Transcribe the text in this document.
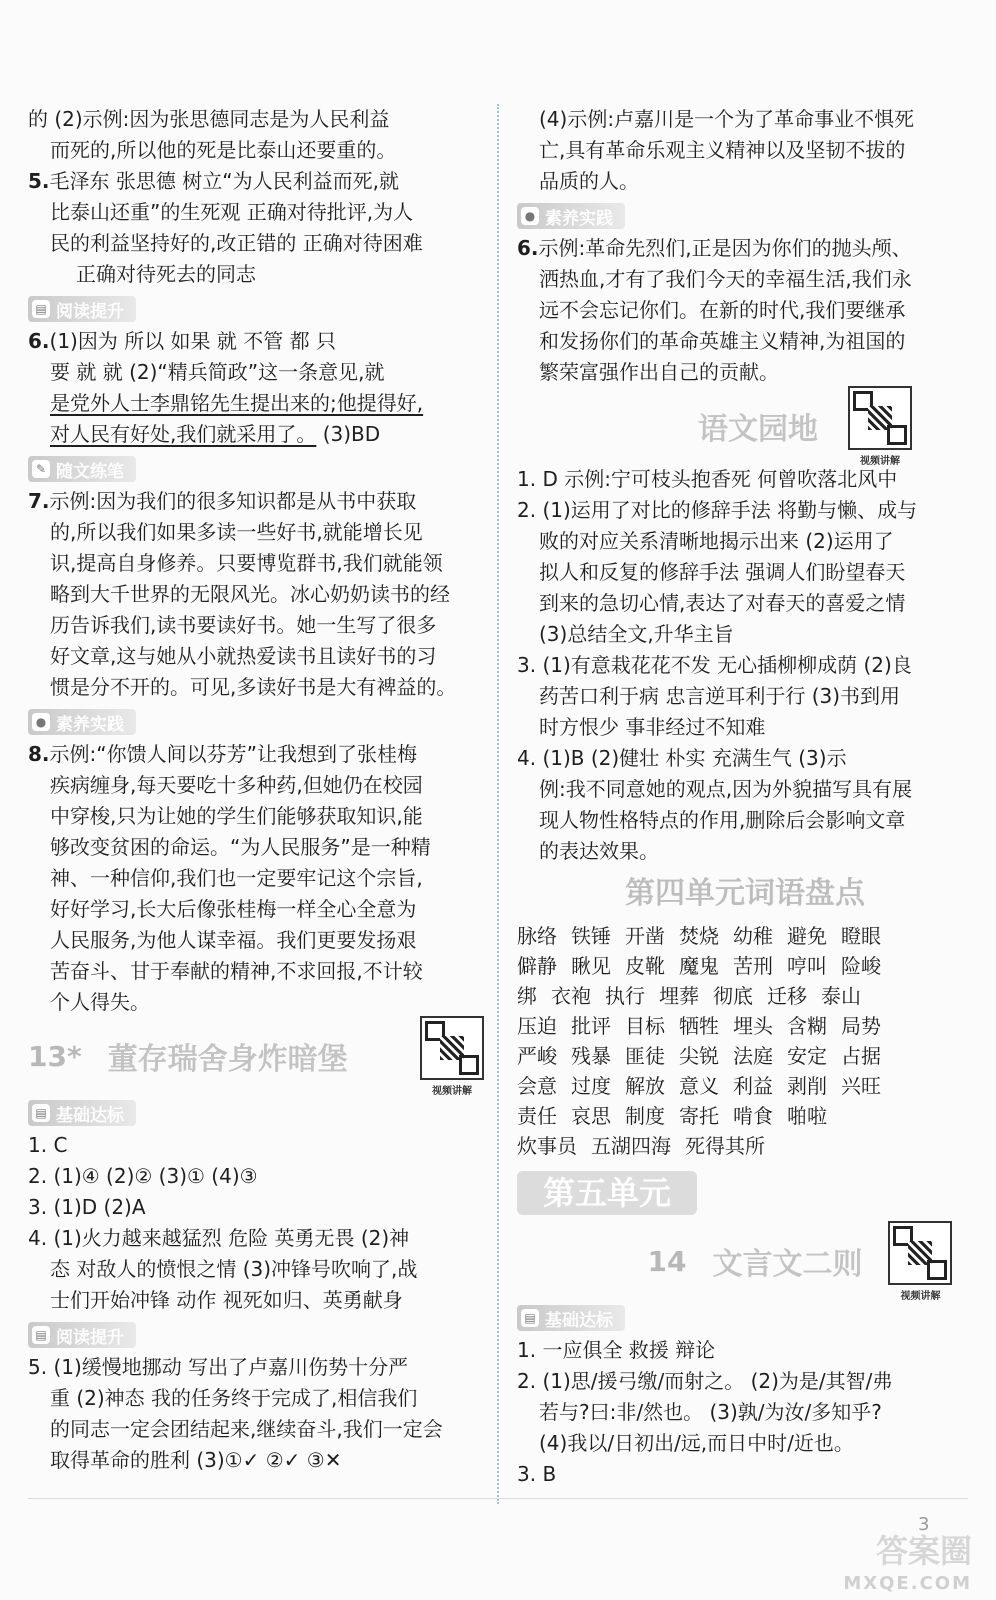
的 (2)示例:因为张思德同志是为人民利益

而死的,所以他的死是比泰山还要重的。

5.毛泽东 张思德 树立“为人民利益而死,就

比泰山还重”的生死观 正确对待批评,为人

民的利益坚持好的,改正错的 正确对待困难

正确对待死去的同志

▤ 阅读提升

6.(1)因为 所以 如果 就 不管 都 只

要 就 就 (2)“精兵简政”这一条意见,就

是党外人士李鼎铭先生提出来的;他提得好,

对人民有好处,我们就采用了。 (3)BD

✎ 随文练笔

7.示例:因为我们的很多知识都是从书中获取

的,所以我们如果多读一些好书,就能增长见

识,提高自身修养。只要博览群书,我们就能领

略到大千世界的无限风光。冰心奶奶读书的经

历告诉我们,读书要读好书。她一生写了很多

好文章,这与她从小就热爱读书且读好书的习

惯是分不开的。可见,多读好书是大有裨益的。

● 素养实践

8.示例:“你馈人间以芬芳”让我想到了张桂梅

疾病缠身,每天要吃十多种药,但她仍在校园

中穿梭,只为让她的学生们能够获取知识,能

够改变贫困的命运。“为人民服务”是一种精

神、一种信仰,我们也一定要牢记这个宗旨,

好好学习,长大后像张桂梅一样全心全意为

人民服务,为他人谋幸福。我们更要发扬艰

苦奋斗、甘于奉献的精神,不求回报,不计较

个人得失。

13* 董存瑞舍身炸暗堡
视频讲解
▤ 基础达标

1. C

2. (1)④ (2)② (3)① (4)③

3. (1)D (2)A

4. (1)火力越来越猛烈 危险 英勇无畏 (2)神

态 对敌人的愤恨之情 (3)冲锋号吹响了,战

士们开始冲锋 动作 视死如归、英勇献身

▤ 阅读提升

5. (1)缓慢地挪动 写出了卢嘉川伤势十分严

重 (2)神态 我的任务终于完成了,相信我们

的同志一定会团结起来,继续奋斗,我们一定会

取得革命的胜利 (3)①✓ ②✓ ③✕

(4)示例:卢嘉川是一个为了革命事业不惧死

亡,具有革命乐观主义精神以及坚韧不拔的

品质的人。

● 素养实践

6.示例:革命先烈们,正是因为你们的抛头颅、

洒热血,才有了我们今天的幸福生活,我们永

远不会忘记你们。在新的时代,我们要继承

和发扬你们的革命英雄主义精神,为祖国的

繁荣富强作出自己的贡献。

语文园地
视频讲解

1. D 示例:宁可枝头抱香死 何曾吹落北风中

2. (1)运用了对比的修辞手法 将勤与懒、成与

败的对应关系清晰地揭示出来 (2)运用了

拟人和反复的修辞手法 强调人们盼望春天

到来的急切心情,表达了对春天的喜爱之情

(3)总结全文,升华主旨

3. (1)有意栽花花不发 无心插柳柳成荫 (2)良

药苦口利于病 忠言逆耳利于行 (3)书到用

时方恨少 事非经过不知难

4. (1)B (2)健壮 朴实 充满生气 (3)示

例:我不同意她的观点,因为外貌描写具有展

现人物性格特点的作用,删除后会影响文章

的表达效果。

第四单元词语盘点

脉络 铁锤 开凿 焚烧 幼稚 避免 瞪眼

僻静 瞅见 皮靴 魔鬼 苦刑 哼叫 险峻

绑 衣袍 执行 埋葬 彻底 迁移 泰山

压迫 批评 目标 牺牲 埋头 含糊 局势

严峻 残暴 匪徒 尖锐 法庭 安定 占据

会意 过度 解放 意义 利益 剥削 兴旺

责任 哀思 制度 寄托 啃食 啪啦

炊事员 五湖四海 死得其所

第五单元
14 文言文二则
视频讲解
▤ 基础达标

1. 一应俱全 救援 辩论

2. (1)思/援弓缴/而射之。 (2)为是/其智/弗

若与?曰:非/然也。 (3)孰/为汝/多知乎?

(4)我以/日初出/远,而日中时/近也。

3. B

3
答案圈
MXQE.COM
